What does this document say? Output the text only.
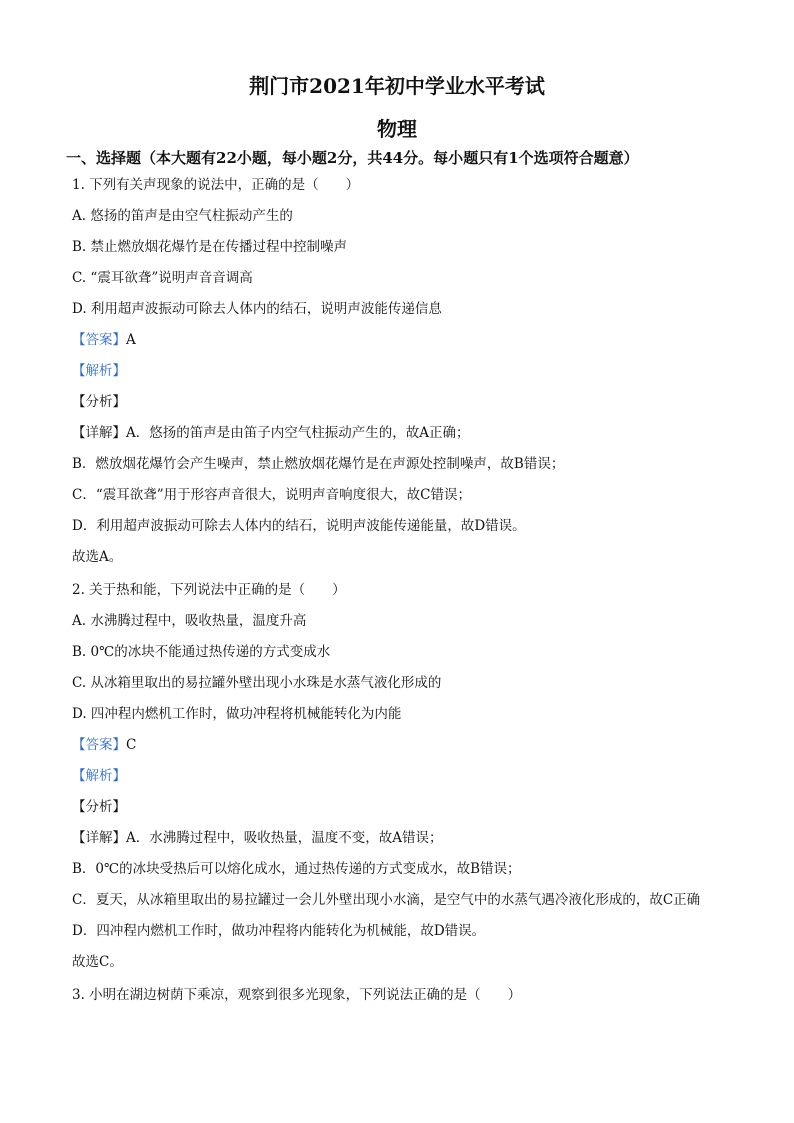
荆门市2021年初中学业水平考试
物理
一、选择题（本大题有22小题，每小题2分，共44分。每小题只有1个选项符合题意）
1. 下列有关声现象的说法中，正确的是（　　）
A. 悠扬的笛声是由空气柱振动产生的
B. 禁止燃放烟花爆竹是在传播过程中控制噪声
C. “震耳欲聋”说明声音音调高
D. 利用超声波振动可除去人体内的结石，说明声波能传递信息
【答案】A
【解析】
【分析】
【详解】A．悠扬的笛声是由笛子内空气柱振动产生的，故A正确；
B．燃放烟花爆竹会产生噪声，禁止燃放烟花爆竹是在声源处控制噪声，故B错误；
C．“震耳欲聋”用于形容声音很大，说明声音响度很大，故C错误；
D．利用超声波振动可除去人体内的结石，说明声波能传递能量，故D错误。
故选A。
2. 关于热和能，下列说法中正确的是（　　）
A. 水沸腾过程中，吸收热量，温度升高
B. 0℃的冰块不能通过热传递的方式变成水
C. 从冰箱里取出的易拉罐外壁出现小水珠是水蒸气液化形成的
D. 四冲程内燃机工作时，做功冲程将机械能转化为内能
【答案】C
【解析】
【分析】
【详解】A．水沸腾过程中，吸收热量，温度不变，故A错误；
B．0℃的冰块受热后可以熔化成水，通过热传递的方式变成水，故B错误；
C．夏天，从冰箱里取出的易拉罐过一会儿外壁出现小水滴，是空气中的水蒸气遇冷液化形成的，故C正确
D．四冲程内燃机工作时，做功冲程将内能转化为机械能，故D错误。
故选C。
3. 小明在湖边树荫下乘凉，观察到很多光现象，下列说法正确的是（　　）
